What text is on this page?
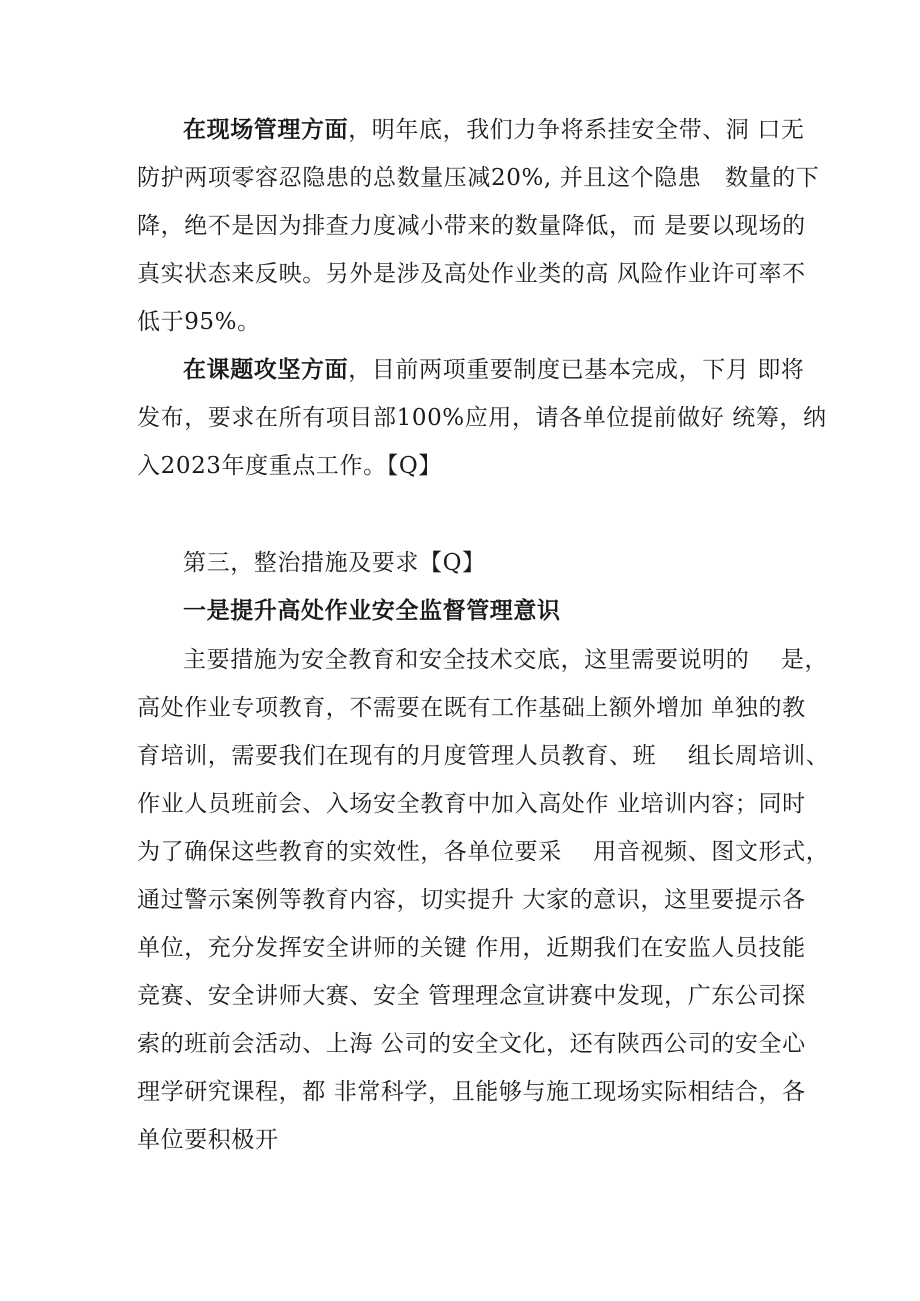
在现场管理方面，明年底，我们力争将系挂安全带、洞 口无
防护两项零容忍隐患的总数量压减20%, 并且这个隐患　数量的下
降，绝不是因为排查力度减小带来的数量降低，而 是要以现场的
真实状态来反映。另外是涉及高处作业类的高 风险作业许可率不
低于95%。
在课题攻坚方面，目前两项重要制度已基本完成，下月 即将
发布，要求在所有项目部100%应用，请各单位提前做好 统筹，纳
入2023年度重点工作。【Q】
第三，整治措施及要求【Q】
一是提升高处作业安全监督管理意识
主要措施为安全教育和安全技术交底，这里需要说明的　 是，
高处作业专项教育，不需要在既有工作基础上额外增加 单独的教
育培训，需要我们在现有的月度管理人员教育、班　 组长周培训、
作业人员班前会、入场安全教育中加入高处作 业培训内容；同时
为了确保这些教育的实效性，各单位要采　 用音视频、图文形式，
通过警示案例等教育内容，切实提升 大家的意识，这里要提示各
单位，充分发挥安全讲师的关键 作用，近期我们在安监人员技能
竞赛、安全讲师大赛、安全 管理理念宣讲赛中发现，广东公司探
索的班前会活动、上海 公司的安全文化，还有陕西公司的安全心
理学研究课程，都 非常科学，且能够与施工现场实际相结合，各
单位要积极开
